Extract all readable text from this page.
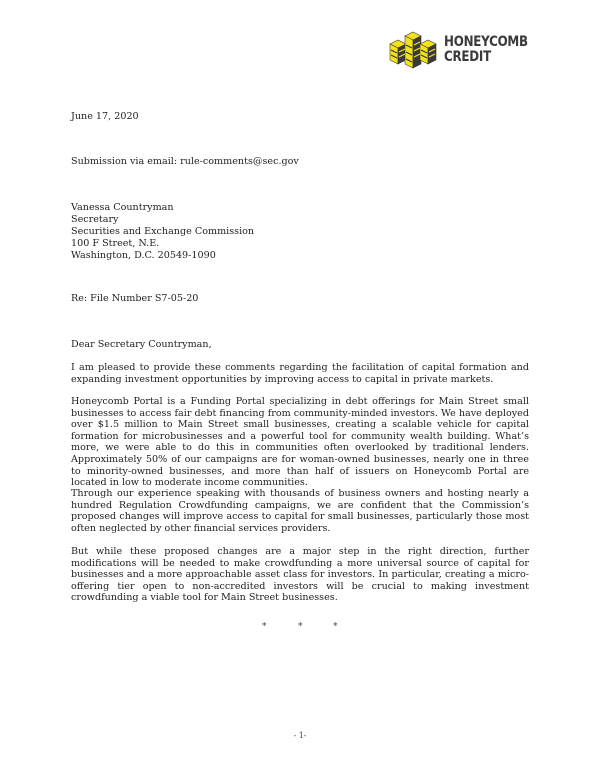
HONEYCOMB
CREDIT
June 17, 2020
Submission via email: rule-comments@sec.gov
Vanessa Countryman
Secretary
Securities and Exchange Commission
100 F Street, N.E.
Washington, D.C. 20549-1090
Re: File Number S7-05-20
Dear Secretary Countryman,
I am pleased to provide these comments regarding the facilitation of capital formation and expanding investment opportunities by improving access to capital in private markets.
Honeycomb Portal is a Funding Portal specializing in debt offerings for Main Street small businesses to access fair debt financing from community-minded investors. We have deployed over $1.5 million to Main Street small businesses, creating a scalable vehicle for capital formation for microbusinesses and a powerful tool for community wealth building. What’s more, we were able to do this in communities often overlooked by traditional lenders. Approximately 50% of our campaigns are for woman-owned businesses, nearly one in three to minority-owned businesses, and more than half of issuers on Honeycomb Portal are located in low to moderate income communities.
Through our experience speaking with thousands of business owners and hosting nearly a hundred Regulation Crowdfunding campaigns, we are confident that the Commission’s proposed changes will improve access to capital for small businesses, particularly those most often neglected by other financial services providers.
But while these proposed changes are a major step in the right direction, further modifications will be needed to make crowdfunding a more universal source of capital for businesses and a more approachable asset class for investors. In particular, creating a micro-offering tier open to non-accredited investors will be crucial to making investment crowdfunding a viable tool for Main Street businesses.
*	*	*
- 1-
